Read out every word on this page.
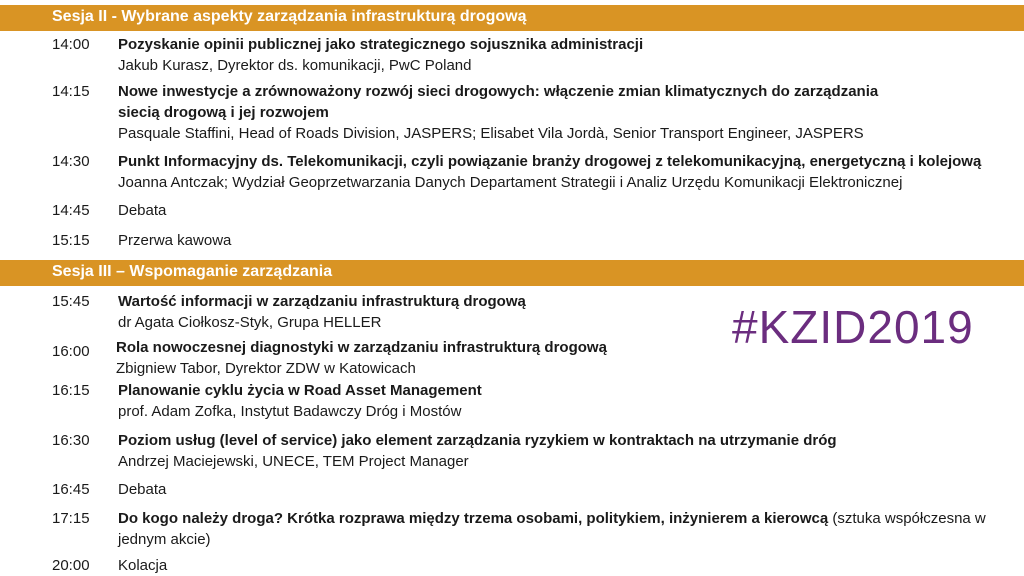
Sesja II - Wybrane aspekty zarządzania infrastrukturą drogową
14:00 Pozyskanie opinii publicznej jako strategicznego sojusznika administracji
Jakub Kurasz, Dyrektor ds. komunikacji, PwC Poland
14:15 Nowe inwestycje a zrównoważony rozwój sieci drogowych: włączenie zmian klimatycznych do zarządzania siecią drogową i jej rozwojem
Pasquale Staffini, Head of Roads Division, JASPERS; Elisabet Vila Jordà, Senior Transport Engineer, JASPERS
14:30 Punkt Informacyjny ds. Telekomunikacji, czyli powiązanie branży drogowej z telekomunikacyjną, energetyczną i kolejową
Joanna Antczak; Wydział Geoprzetwarzania Danych Departament Strategii i Analiz Urzędu Komunikacji Elektronicznej
14:45 Debata
15:15 Przerwa kawowa
Sesja III – Wspomaganie zarządzania
15:45 Wartość informacji w zarządzaniu infrastrukturą drogową
dr Agata Ciołkosz-Styk, Grupa HELLER
16:00 Rola nowoczesnej diagnostyki w zarządzaniu infrastrukturą drogową
Zbigniew Tabor, Dyrektor ZDW w Katowicach
16:15 Planowanie cyklu życia w Road Asset Management
prof. Adam Zofka, Instytut Badawczy Dróg i Mostów
16:30 Poziom usług (level of service) jako element zarządzania ryzykiem w kontraktach na utrzymanie dróg
Andrzej Maciejewski, UNECE, TEM Project Manager
16:45 Debata
17:15 Do kogo należy droga? Krótka rozprawa między trzema osobami, politykiem, inżynierem a kierowcą (sztuka współczesna w jednym akcie)
20:00 Kolacja
#KZID2019
